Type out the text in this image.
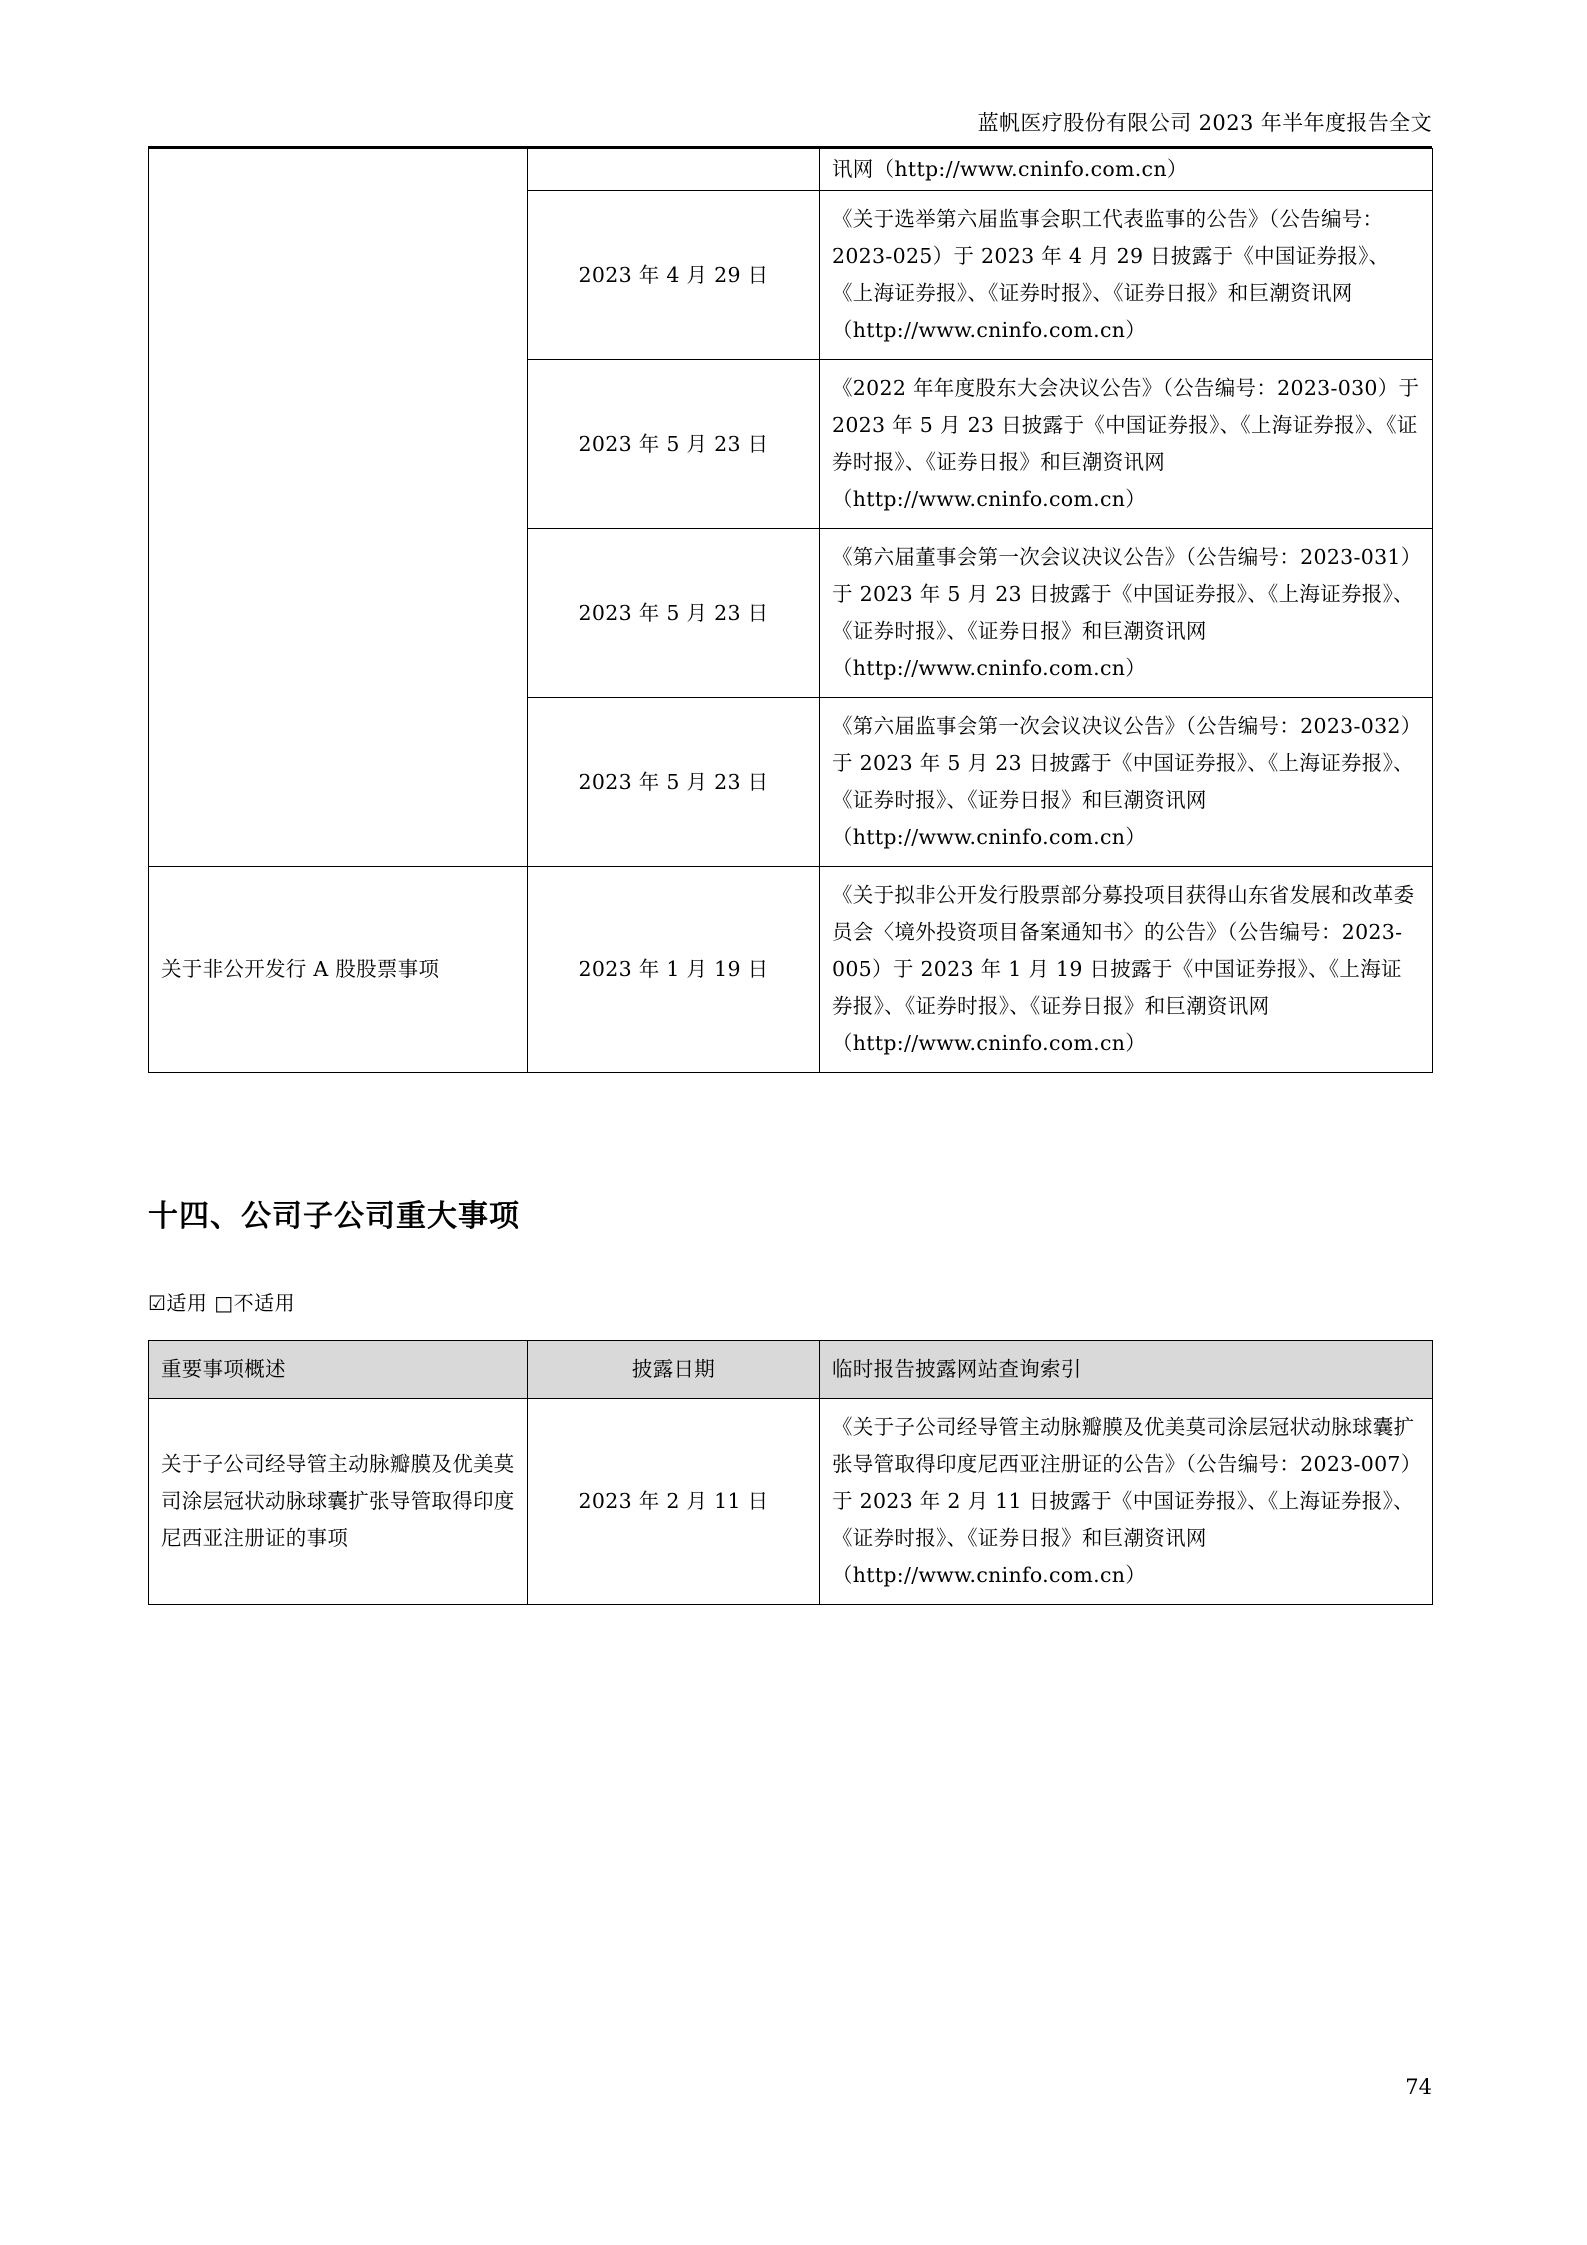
蓝帆医疗股份有限公司 2023 年半年度报告全文
		讯网（http://www.cninfo.com.cn）
	2023 年 4 月 29 日	《关于选举第六届监事会职工代表监事的公告》（公告编号：2023-025）于 2023 年 4 月 29 日披露于《中国证券报》、《上海证券报》、《证券时报》、《证券日报》和巨潮资讯网（http://www.cninfo.com.cn）
	2023 年 5 月 23 日	《2022 年年度股东大会决议公告》（公告编号：2023-030）于 2023 年 5 月 23 日披露于《中国证券报》、《上海证券报》、《证券时报》、《证券日报》和巨潮资讯网（http://www.cninfo.com.cn）
	2023 年 5 月 23 日	《第六届董事会第一次会议决议公告》（公告编号：2023-031）于 2023 年 5 月 23 日披露于《中国证券报》、《上海证券报》、《证券时报》、《证券日报》和巨潮资讯网（http://www.cninfo.com.cn）
	2023 年 5 月 23 日	《第六届监事会第一次会议决议公告》（公告编号：2023-032）于 2023 年 5 月 23 日披露于《中国证券报》、《上海证券报》、《证券时报》、《证券日报》和巨潮资讯网（http://www.cninfo.com.cn）
关于非公开发行 A 股股票事项	2023 年 1 月 19 日	《关于拟非公开发行股票部分募投项目获得山东省发展和改革委员会〈境外投资项目备案通知书〉的公告》（公告编号：2023-005）于 2023 年 1 月 19 日披露于《中国证券报》、《上海证券报》、《证券时报》、《证券日报》和巨潮资讯网（http://www.cninfo.com.cn）
十四、公司子公司重大事项
☑适用 □不适用
重要事项概述	披露日期	临时报告披露网站查询索引
关于子公司经导管主动脉瓣膜及优美莫司涂层冠状动脉球囊扩张导管取得印度尼西亚注册证的事项	2023 年 2 月 11 日	《关于子公司经导管主动脉瓣膜及优美莫司涂层冠状动脉球囊扩张导管取得印度尼西亚注册证的公告》（公告编号：2023-007）于 2023 年 2 月 11 日披露于《中国证券报》、《上海证券报》、《证券时报》、《证券日报》和巨潮资讯网（http://www.cninfo.com.cn）
74
